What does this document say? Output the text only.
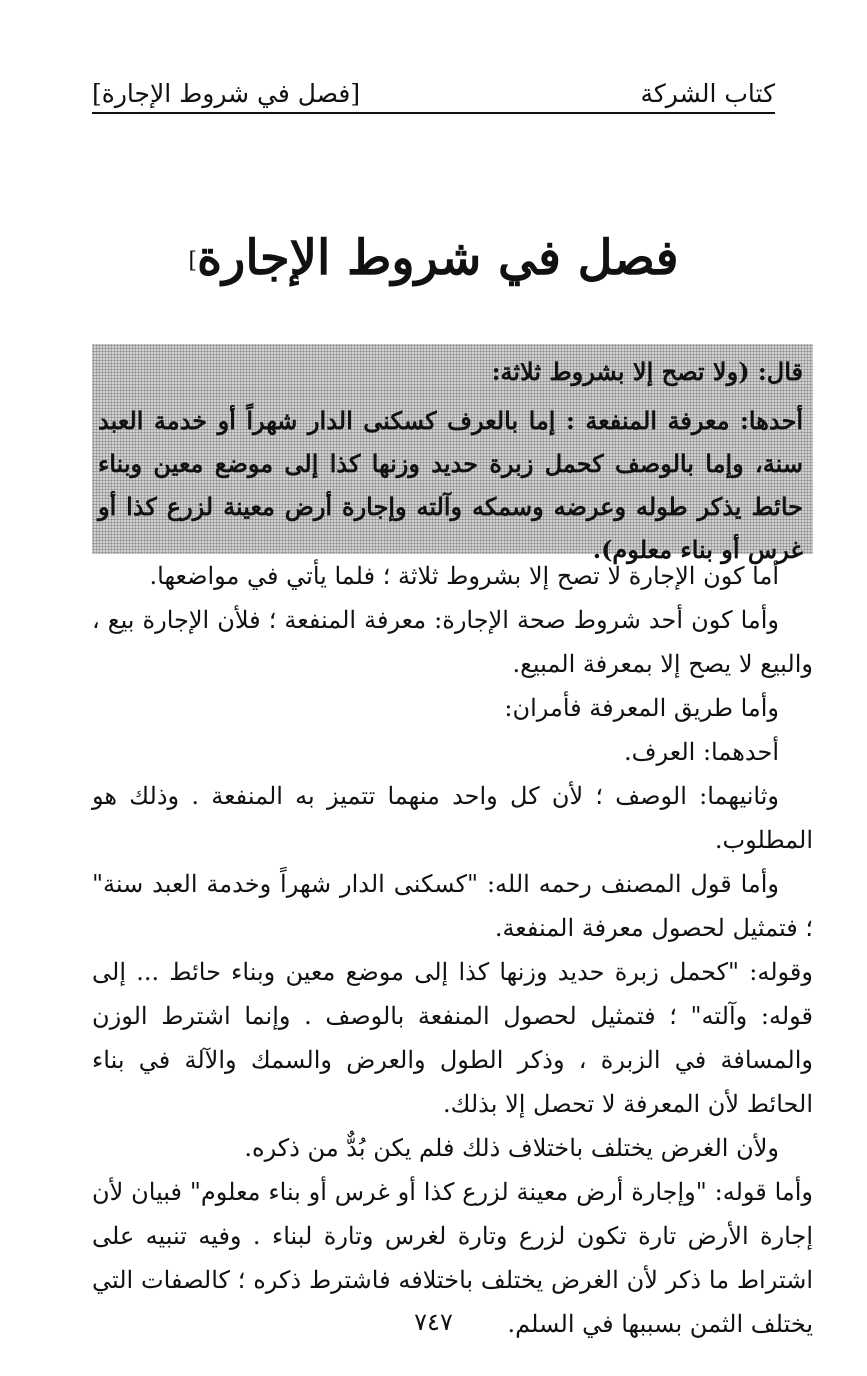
كتاب الشركة
[فصل في شروط الإجارة]
فصل في شروط الإجارة]

قال: (ولا تصح إلا بشروط ثلاثة:

أحدها: معرفة المنفعة : إما بالعرف كسكنى الدار شهراً أو خدمة العبد سنة، وإما بالوصف كحمل زبرة حديد وزنها كذا إلى موضع معين وبناء حائط يذكر طوله وعرضه وسمكه وآلته وإجارة أرض معينة لزرع كذا أو غرس أو بناء معلوم).

أما كون الإجارة لا تصح إلا بشروط ثلاثة ؛ فلما يأتي في مواضعها.

وأما كون أحد شروط صحة الإجارة: معرفة المنفعة ؛ فلأن الإجارة بيع ، والبيع لا يصح إلا بمعرفة المبيع.

وأما طريق المعرفة فأمران:

أحدهما: العرف.

وثانيهما: الوصف ؛ لأن كل واحد منهما تتميز به المنفعة . وذلك هو المطلوب.

وأما قول المصنف رحمه الله: "كسكنى الدار شهراً وخدمة العبد سنة" ؛ فتمثيل لحصول معرفة المنفعة.

وقوله: "كحمل زبرة حديد وزنها كذا إلى موضع معين وبناء حائط ... إلى قوله: وآلته" ؛ فتمثيل لحصول المنفعة بالوصف . وإنما اشترط الوزن والمسافة في الزبرة ، وذكر الطول والعرض والسمك والآلة في بناء الحائط لأن المعرفة لا تحصل إلا بذلك.

ولأن الغرض يختلف باختلاف ذلك فلم يكن بُدٌّ من ذكره.

وأما قوله: "وإجارة أرض معينة لزرع كذا أو غرس أو بناء معلوم" فبيان لأن إجارة الأرض تارة تكون لزرع وتارة لغرس وتارة لبناء . وفيه تنبيه على اشتراط ما ذكر لأن الغرض يختلف باختلافه فاشترط ذكره ؛ كالصفات التي يختلف الثمن بسببها في السلم.

٧٤٧
